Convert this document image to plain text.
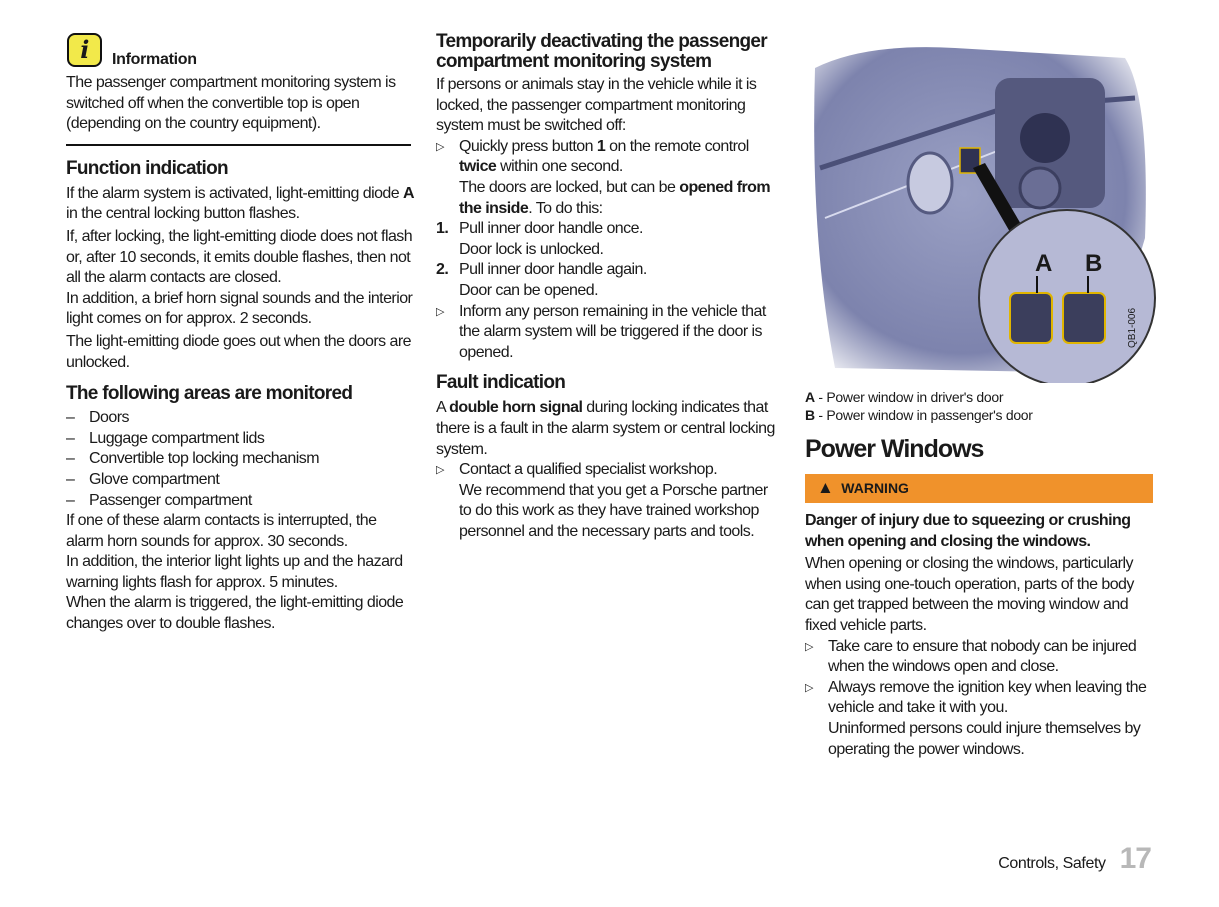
i	Information

The passenger compartment monitoring system is switched off when the convertible top is open (depending on the country equipment).

Function indication

If the alarm system is activated, light-emitting diode A in the central locking button flashes.

If, after locking, the light-emitting diode does not flash or, after 10 seconds, it emits double flashes, then not all the alarm contacts are closed.

In addition, a brief horn signal sounds and the interior light comes on for approx. 2 seconds.

The light-emitting diode goes out when the doors are unlocked.

The following areas are monitored
– Doors
– Luggage compartment lids
– Convertible top locking mechanism
– Glove compartment
– Passenger compartment

If one of these alarm contacts is interrupted, the alarm horn sounds for approx. 30 seconds.

In addition, the interior light lights up and the hazard warning lights flash for approx. 5 minutes.

When the alarm is triggered, the light-emitting diode changes over to double flashes.

Temporarily deactivating the passenger compartment monitoring system

If persons or animals stay in the vehicle while it is locked, the passenger compartment monitoring system must be switched off:

▷ Quickly press button 1 on the remote control twice within one second.

The doors are locked, but can be opened from the inside. To do this:

1. Pull inner door handle once.

Door lock is unlocked.

2. Pull inner door handle again.

Door can be opened.

▷ Inform any person remaining in the vehicle that the alarm system will be triggered if the door is opened.
Fault indication

A double horn signal during locking indicates that there is a fault in the alarm system or central locking system.

▷ Contact a qualified specialist workshop.

We recommend that you get a Porsche partner to do this work as they have trained workshop personnel and the necessary parts and tools.

A B
QB1-006
A - Power window in driver's door
B - Power window in passenger's door
Power Windows
▲ WARNING

Danger of injury due to squeezing or crushing when opening and closing the windows.

When opening or closing the windows, particularly when using one-touch operation, parts of the body can get trapped between the moving window and fixed vehicle parts.

▷ Take care to ensure that nobody can be injured when the windows open and close.

▷ Always remove the ignition key when leaving the vehicle and take it with you.

Uninformed persons could injure themselves by operating the power windows.

Controls, Safety 17
